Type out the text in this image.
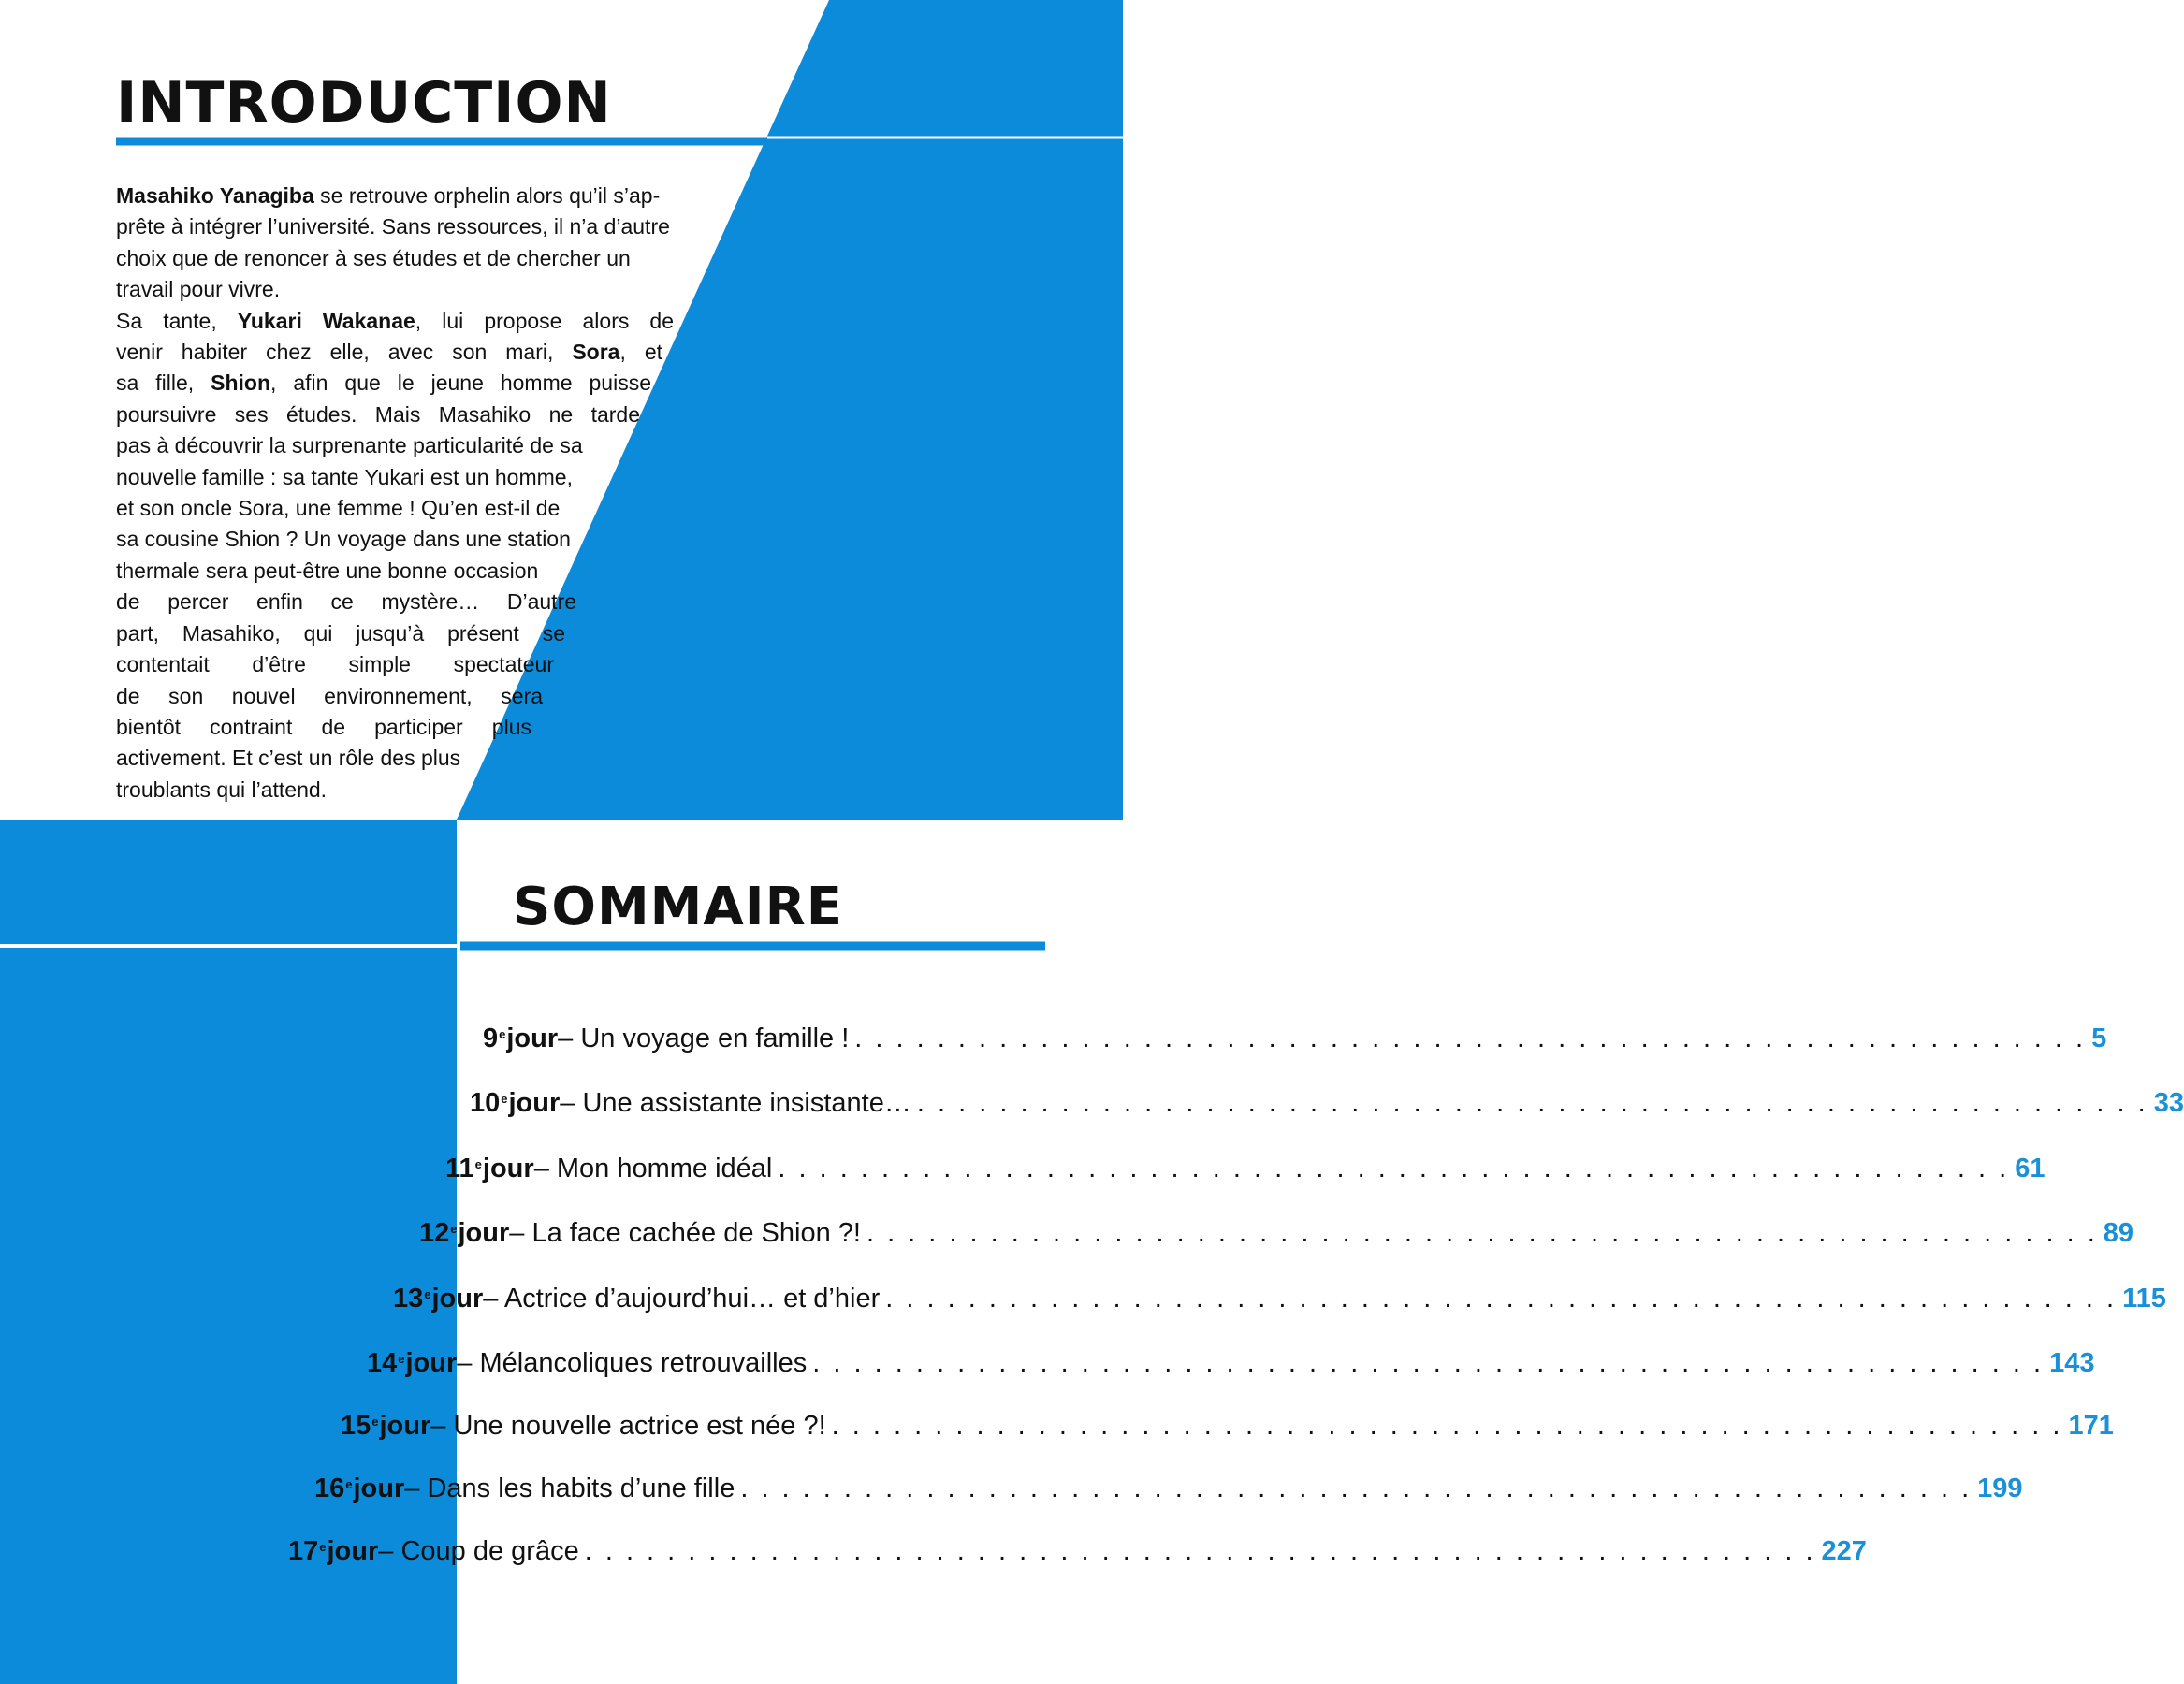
INTRODUCTION
Masahiko Yanagiba se retrouve orphelin alors qu’il s’ap-
prête à intégrer l’université. Sans ressources, il n’a d’autre
choix que de renoncer à ses études et de chercher un
travail pour vivre.
Sa tante, Yukari Wakanae, lui propose alors de
venir habiter chez elle, avec son mari, Sora, et
sa fille, Shion, afin que le jeune homme puisse
poursuivre ses études. Mais Masahiko ne tarde
pas à découvrir la surprenante particularité de sa
nouvelle famille : sa tante Yukari est un homme,
et son oncle Sora, une femme ! Qu’en est-il de
sa cousine Shion ? Un voyage dans une station
thermale sera peut-être une bonne occasion
de percer enfin ce mystère… D’autre
part, Masahiko, qui jusqu’à présent se
contentait d’être simple spectateur
de son nouvel environnement, sera
bientôt contraint de participer plus
activement. Et c’est un rôle des plus
troublants qui l’attend.
SOMMAIRE
9ejour – Un voyage en famille ! . . . . . . . . . . . . . . . . . . . . . . . . . . . . . . . . . . . . . . . . . . . . . . . . . . . . . . . . . . . . 5
10ejour – Une assistante insistante… . . . . . . . . . . . . . . . . . . . . . . . . . . . . . . . . . . . . . . . . . . . . . . . . . . . . . . . . . . . . 33
11ejour – Mon homme idéal . . . . . . . . . . . . . . . . . . . . . . . . . . . . . . . . . . . . . . . . . . . . . . . . . . . . . . . . . . . . 61
12ejour – La face cachée de Shion ?! . . . . . . . . . . . . . . . . . . . . . . . . . . . . . . . . . . . . . . . . . . . . . . . . . . . . . . . . . . . . 89
13ejour – Actrice d’aujourd’hui… et d’hier . . . . . . . . . . . . . . . . . . . . . . . . . . . . . . . . . . . . . . . . . . . . . . . . . . . . . . . . . . . . 115
14ejour – Mélancoliques retrouvailles . . . . . . . . . . . . . . . . . . . . . . . . . . . . . . . . . . . . . . . . . . . . . . . . . . . . . . . . . . . . 143
15ejour – Une nouvelle actrice est née ?! . . . . . . . . . . . . . . . . . . . . . . . . . . . . . . . . . . . . . . . . . . . . . . . . . . . . . . . . . . . . 171
16ejour – Dans les habits d’une fille . . . . . . . . . . . . . . . . . . . . . . . . . . . . . . . . . . . . . . . . . . . . . . . . . . . . . . . . . . . . 199
17ejour – Coup de grâce . . . . . . . . . . . . . . . . . . . . . . . . . . . . . . . . . . . . . . . . . . . . . . . . . . . . . . . . . . . . 227
